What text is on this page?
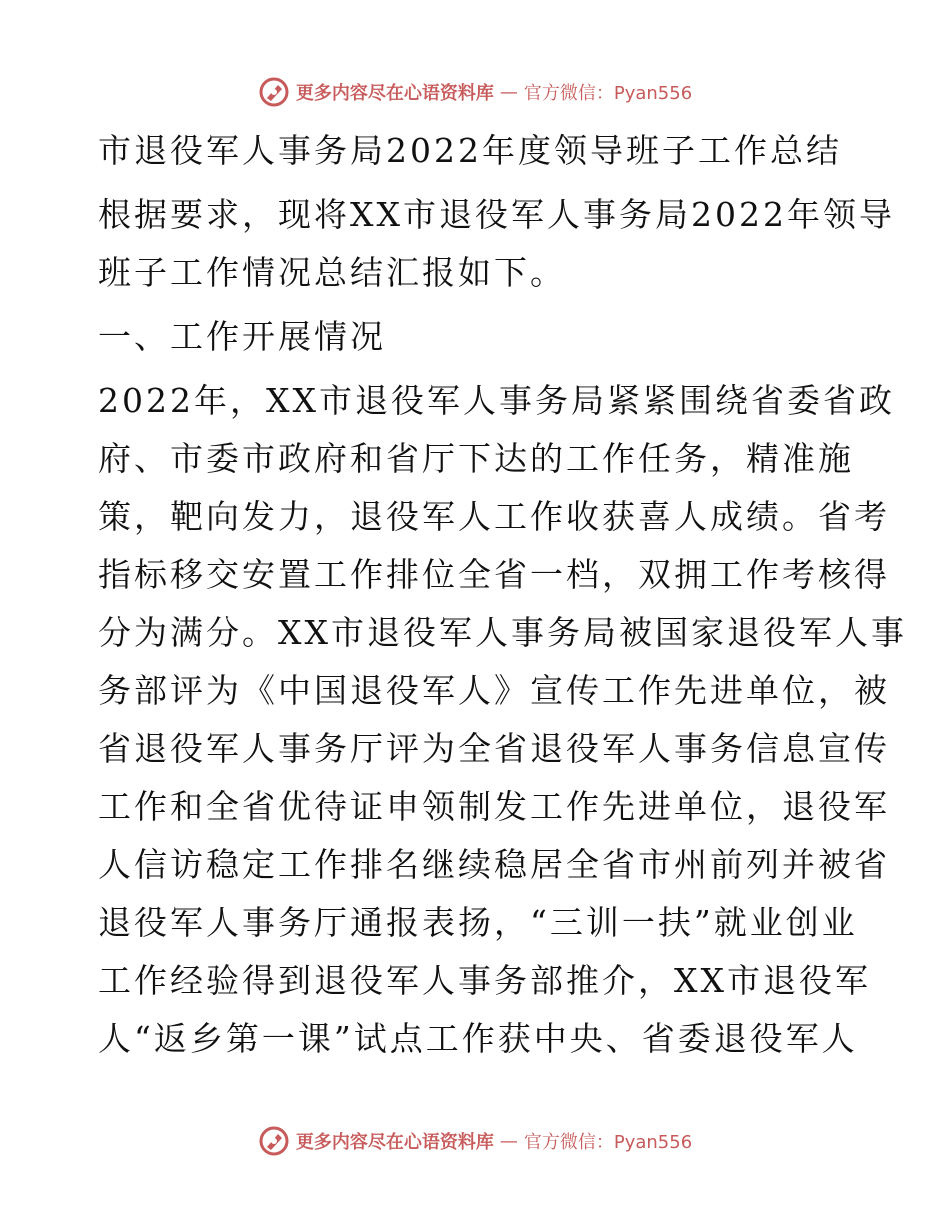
更多内容尽在心语资料库 — 官方微信：Pyan556
市退役军人事务局2022年度领导班子工作总结
根据要求，现将XX市退役军人事务局2022年领导
班子工作情况总结汇报如下。
一、工作开展情况
2022年，XX市退役军人事务局紧紧围绕省委省政
府、市委市政府和省厅下达的工作任务，精准施
策，靶向发力，退役军人工作收获喜人成绩。省考
指标移交安置工作排位全省一档，双拥工作考核得
分为满分。XX市退役军人事务局被国家退役军人事
务部评为《中国退役军人》宣传工作先进单位，被
省退役军人事务厅评为全省退役军人事务信息宣传
工作和全省优待证申领制发工作先进单位，退役军
人信访稳定工作排名继续稳居全省市州前列并被省
退役军人事务厅通报表扬，“三训一扶”就业创业
工作经验得到退役军人事务部推介，XX市退役军
人“返乡第一课”试点工作获中央、省委退役军人
更多内容尽在心语资料库 — 官方微信：Pyan556
